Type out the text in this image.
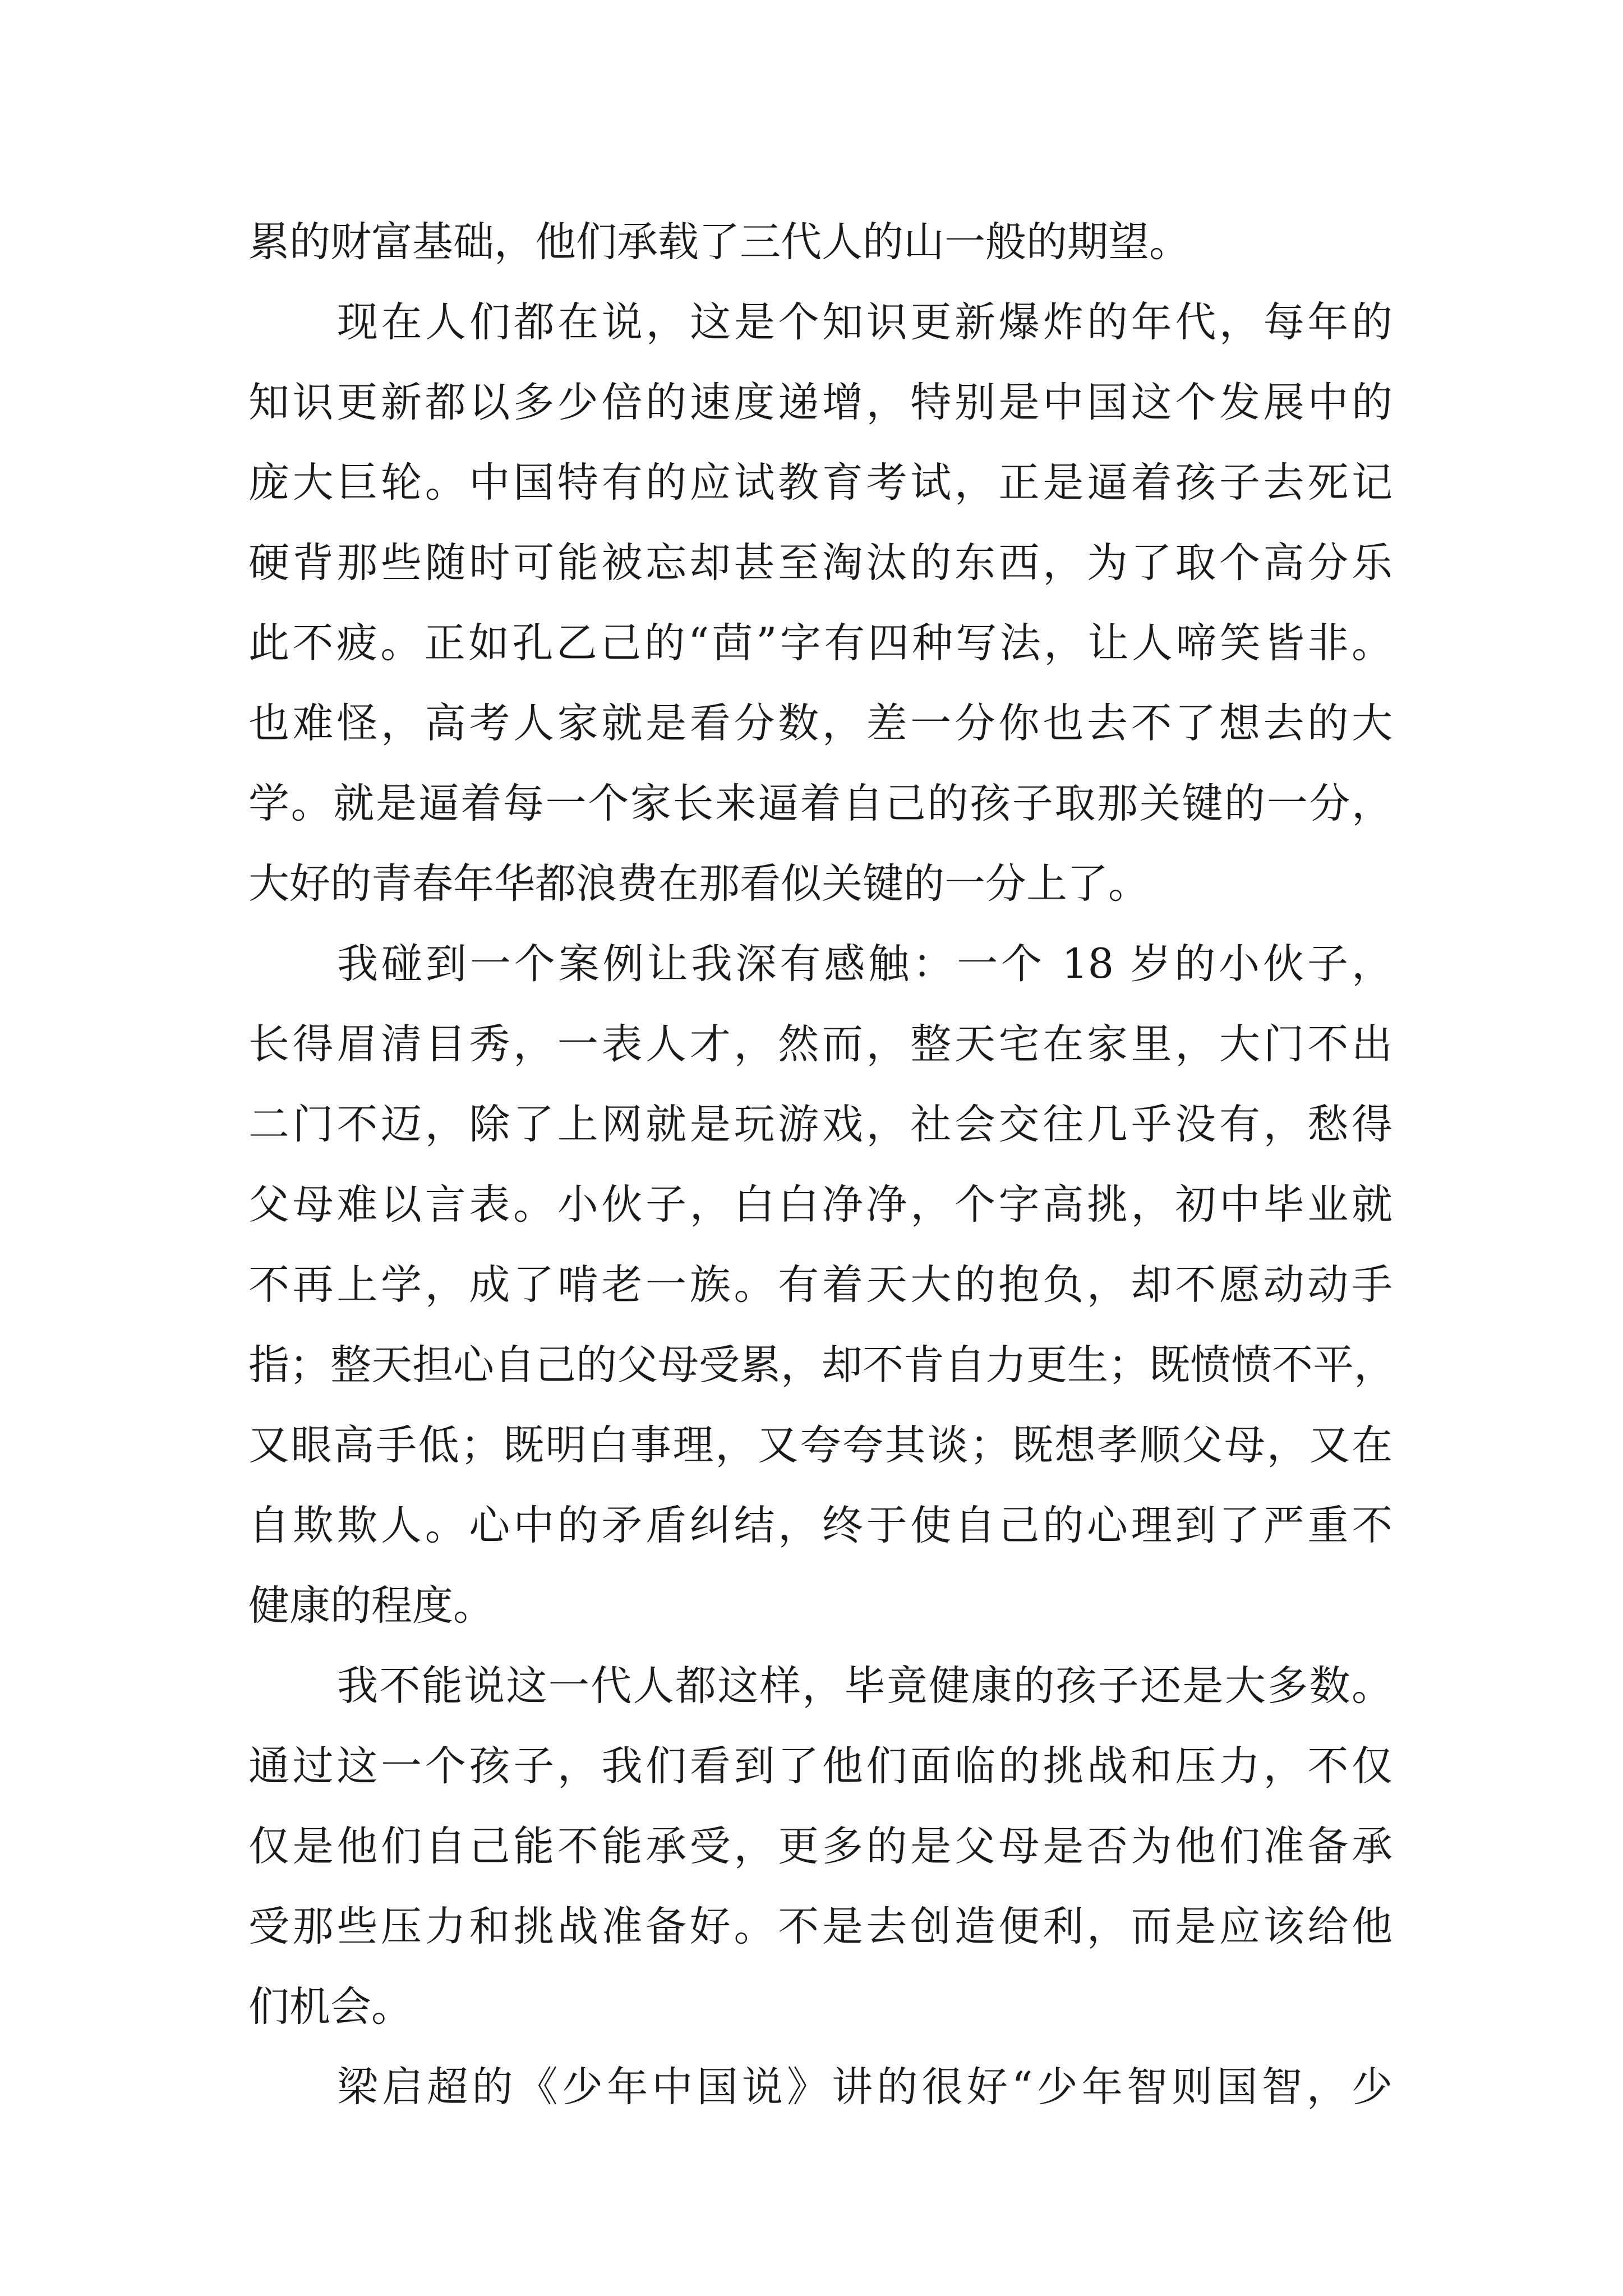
累的财富基础，他们承载了三代人的山一般的期望。
现在人们都在说，这是个知识更新爆炸的年代，每年的
知识更新都以多少倍的速度递增，特别是中国这个发展中的
庞大巨轮。中国特有的应试教育考试，正是逼着孩子去死记
硬背那些随时可能被忘却甚至淘汰的东西，为了取个高分乐
此不疲。正如孔乙己的“茴”字有四种写法，让人啼笑皆非。
也难怪，高考人家就是看分数，差一分你也去不了想去的大
学。就是逼着每一个家长来逼着自己的孩子取那关键的一分，
大好的青春年华都浪费在那看似关键的一分上了。
我碰到一个案例让我深有感触：一个 18 岁的小伙子，
长得眉清目秀，一表人才，然而，整天宅在家里，大门不出
二门不迈，除了上网就是玩游戏，社会交往几乎没有，愁得
父母难以言表。小伙子，白白净净，个字高挑，初中毕业就
不再上学，成了啃老一族。有着天大的抱负，却不愿动动手
指；整天担心自己的父母受累，却不肯自力更生；既愤愤不平，
又眼高手低；既明白事理，又夸夸其谈；既想孝顺父母，又在
自欺欺人。心中的矛盾纠结，终于使自己的心理到了严重不
健康的程度。
我不能说这一代人都这样，毕竟健康的孩子还是大多数。
通过这一个孩子，我们看到了他们面临的挑战和压力，不仅
仅是他们自己能不能承受，更多的是父母是否为他们准备承
受那些压力和挑战准备好。不是去创造便利，而是应该给他
们机会。
梁启超的《少年中国说》讲的很好“少年智则国智，少
